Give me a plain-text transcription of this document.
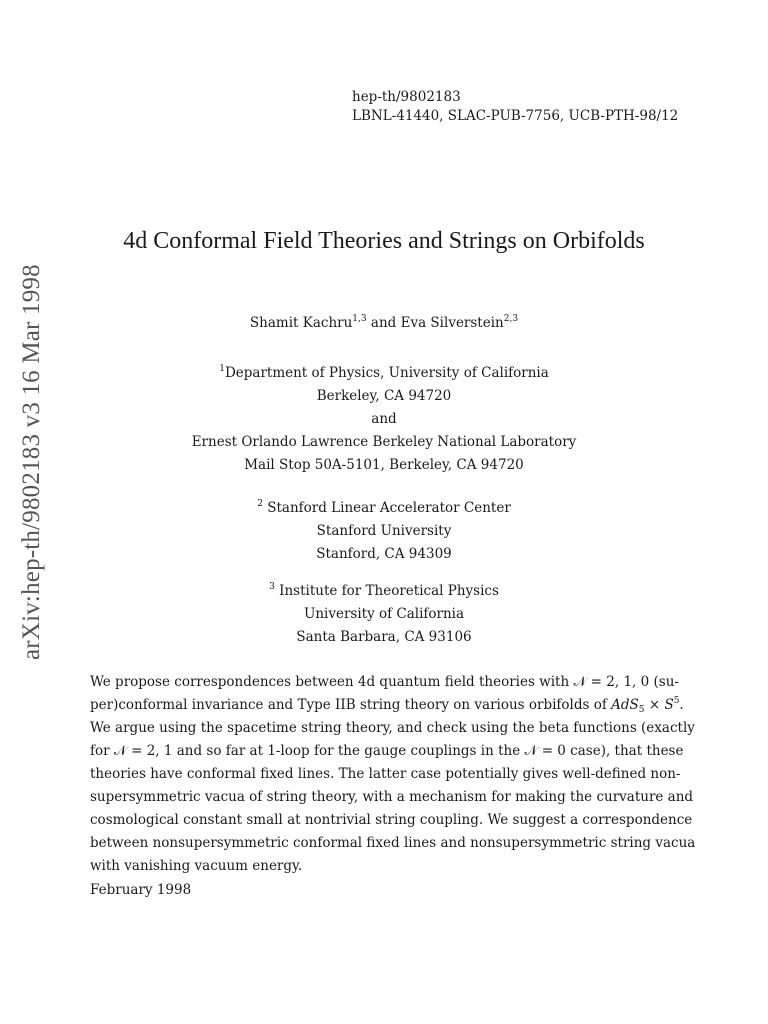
arXiv:hep-th/9802183 v3 16 Mar 1998
hep-th/9802183
LBNL-41440, SLAC-PUB-7756, UCB-PTH-98/12
4d Conformal Field Theories and Strings on Orbifolds
Shamit Kachru$^{1,3}$ and Eva Silverstein$^{2,3}$
$^1$Department of Physics, University of California
Berkeley, CA 94720
and
Ernest Orlando Lawrence Berkeley National Laboratory
Mail Stop 50A-5101, Berkeley, CA 94720
$^2$ Stanford Linear Accelerator Center
Stanford University
Stanford, CA 94309
$^3$ Institute for Theoretical Physics
University of California
Santa Barbara, CA 93106
We propose correspondences between 4d quantum field theories with 𝒩 = 2, 1, 0 (su-
per)conformal invariance and Type IIB string theory on various orbifolds of $AdS_5 \times S^5$.
We argue using the spacetime string theory, and check using the beta functions (exactly
for 𝒩 = 2, 1 and so far at 1-loop for the gauge couplings in the 𝒩 = 0 case), that these
theories have conformal fixed lines. The latter case potentially gives well-defined non-
supersymmetric vacua of string theory, with a mechanism for making the curvature and
cosmological constant small at nontrivial string coupling. We suggest a correspondence
between nonsupersymmetric conformal fixed lines and nonsupersymmetric string vacua
with vanishing vacuum energy.
February 1998
